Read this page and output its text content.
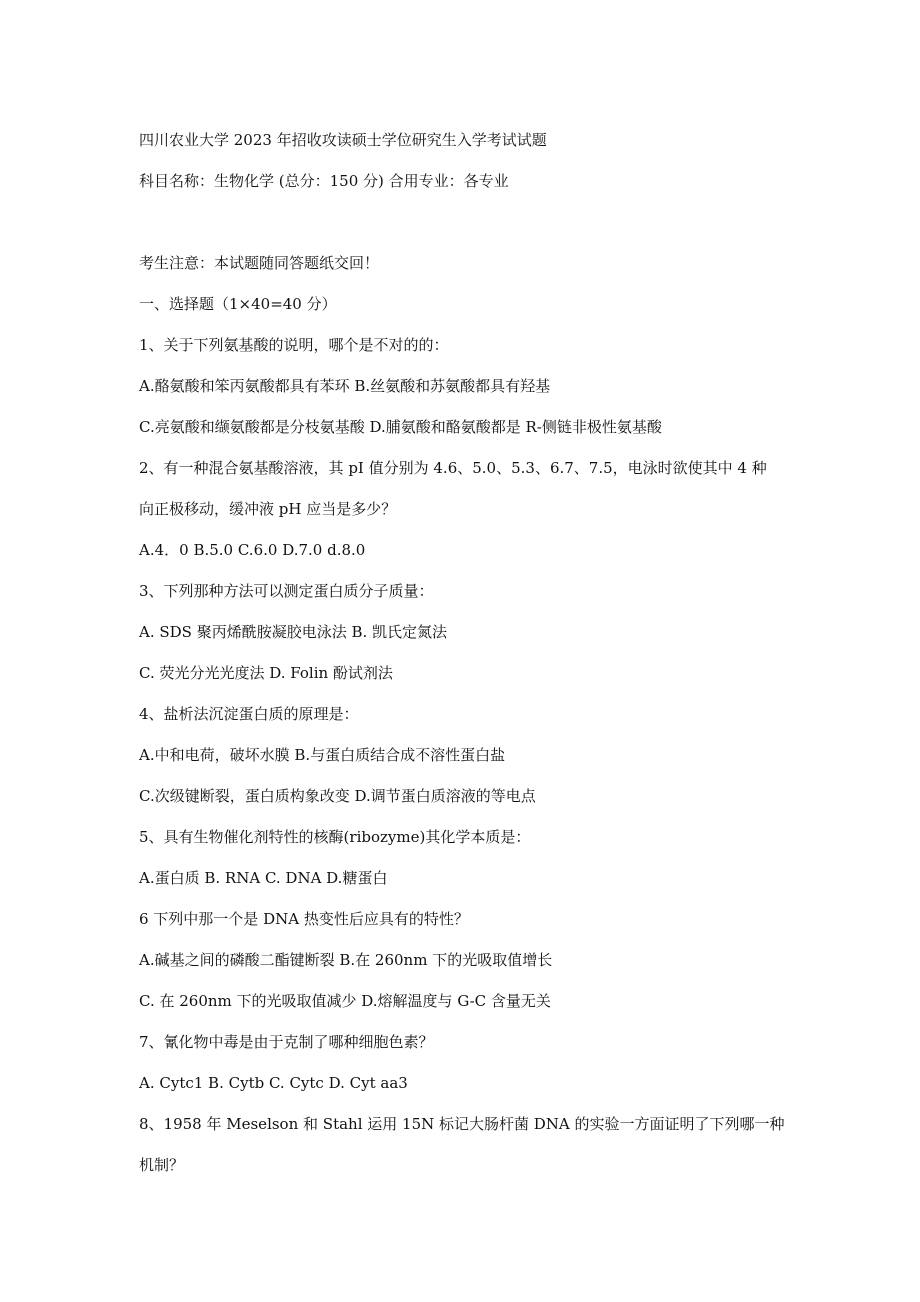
四川农业大学 2023 年招收攻读硕士学位研究生入学考试试题
科目名称：生物化学 (总分：150 分) 合用专业：各专业
考生注意：本试题随同答题纸交回！
一、选择题（1×40=40 分）
1、关于下列氨基酸的说明，哪个是不对的的：
A.酪氨酸和笨丙氨酸都具有苯环 B.丝氨酸和苏氨酸都具有羟基
C.亮氨酸和缬氨酸都是分枝氨基酸 D.脯氨酸和酪氨酸都是 R-侧链非极性氨基酸
2、有一种混合氨基酸溶液，其 pI 值分别为 4.6、5.0、5.3、6.7、7.5，电泳时欲使其中 4 种
向正极移动，缓冲液 pH 应当是多少？
A.4．0 B.5.0 C.6.0 D.7.0 d.8.0
3、下列那种方法可以测定蛋白质分子质量：
A. SDS 聚丙烯酰胺凝胶电泳法 B. 凯氏定氮法
C. 荧光分光光度法 D. Folin 酚试剂法
4、盐析法沉淀蛋白质的原理是：
A.中和电荷，破坏水膜 B.与蛋白质结合成不溶性蛋白盐
C.次级键断裂，蛋白质构象改变 D.调节蛋白质溶液的等电点
5、具有生物催化剂特性的核酶(ribozyme)其化学本质是：
A.蛋白质 B. RNA C. DNA D.糖蛋白
6 下列中那一个是 DNA 热变性后应具有的特性？
A.碱基之间的磷酸二酯键断裂 B.在 260nm 下的光吸取值增长
C. 在 260nm 下的光吸取值减少 D.熔解温度与 G-C 含量无关
7、氰化物中毒是由于克制了哪种细胞色素？
A. Cytc1 B. Cytb C. Cytc D. Cyt aa3
8、1958 年 Meselson 和 Stahl 运用 15N 标记大肠杆菌 DNA 的实验一方面证明了下列哪一种
机制？
